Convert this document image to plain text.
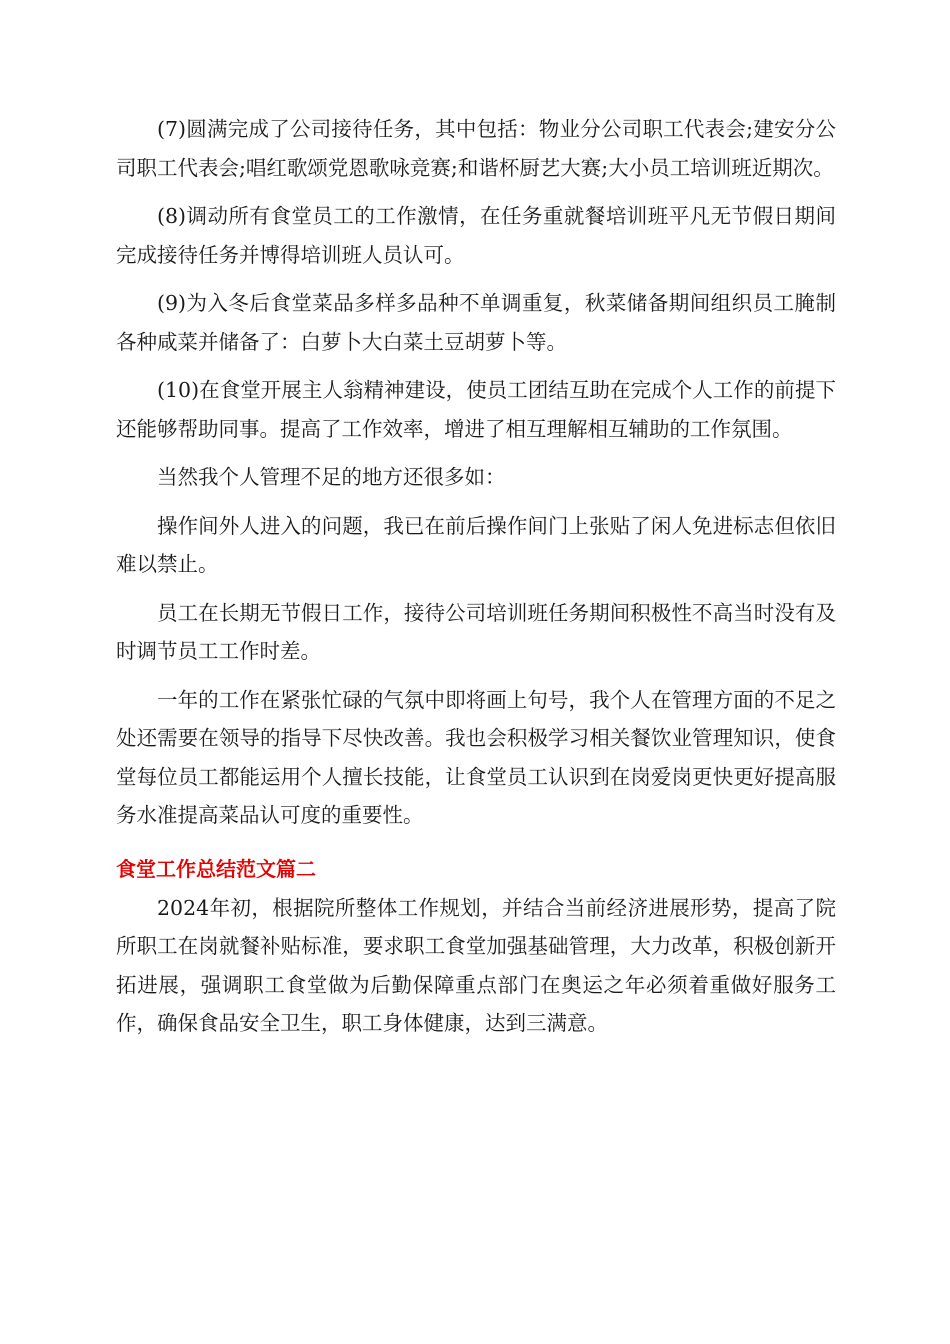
(7)圆满完成了公司接待任务，其中包括：物业分公司职工代表会;建安分公司职工代表会;唱红歌颂党恩歌咏竞赛;和谐杯厨艺大赛;大小员工培训班近期次。

(8)调动所有食堂员工的工作激情，在任务重就餐培训班平凡无节假日期间完成接待任务并博得培训班人员认可。

(9)为入冬后食堂菜品多样多品种不单调重复，秋菜储备期间组织员工腌制各种咸菜并储备了：白萝卜大白菜土豆胡萝卜等。

(10)在食堂开展主人翁精神建设，使员工团结互助在完成个人工作的前提下还能够帮助同事。提高了工作效率，增进了相互理解相互辅助的工作氛围。

当然我个人管理不足的地方还很多如：

操作间外人进入的问题，我已在前后操作间门上张贴了闲人免进标志但依旧难以禁止。

员工在长期无节假日工作，接待公司培训班任务期间积极性不高当时没有及时调节员工工作时差。

一年的工作在紧张忙碌的气氛中即将画上句号，我个人在管理方面的不足之处还需要在领导的指导下尽快改善。我也会积极学习相关餐饮业管理知识，使食堂每位员工都能运用个人擅长技能，让食堂员工认识到在岗爱岗更快更好提高服务水准提高菜品认可度的重要性。

食堂工作总结范文篇二

2024年初，根据院所整体工作规划，并结合当前经济进展形势，提高了院所职工在岗就餐补贴标准，要求职工食堂加强基础管理，大力改革，积极创新开拓进展，强调职工食堂做为后勤保障重点部门在奥运之年必须着重做好服务工作，确保食品安全卫生，职工身体健康，达到三满意。
